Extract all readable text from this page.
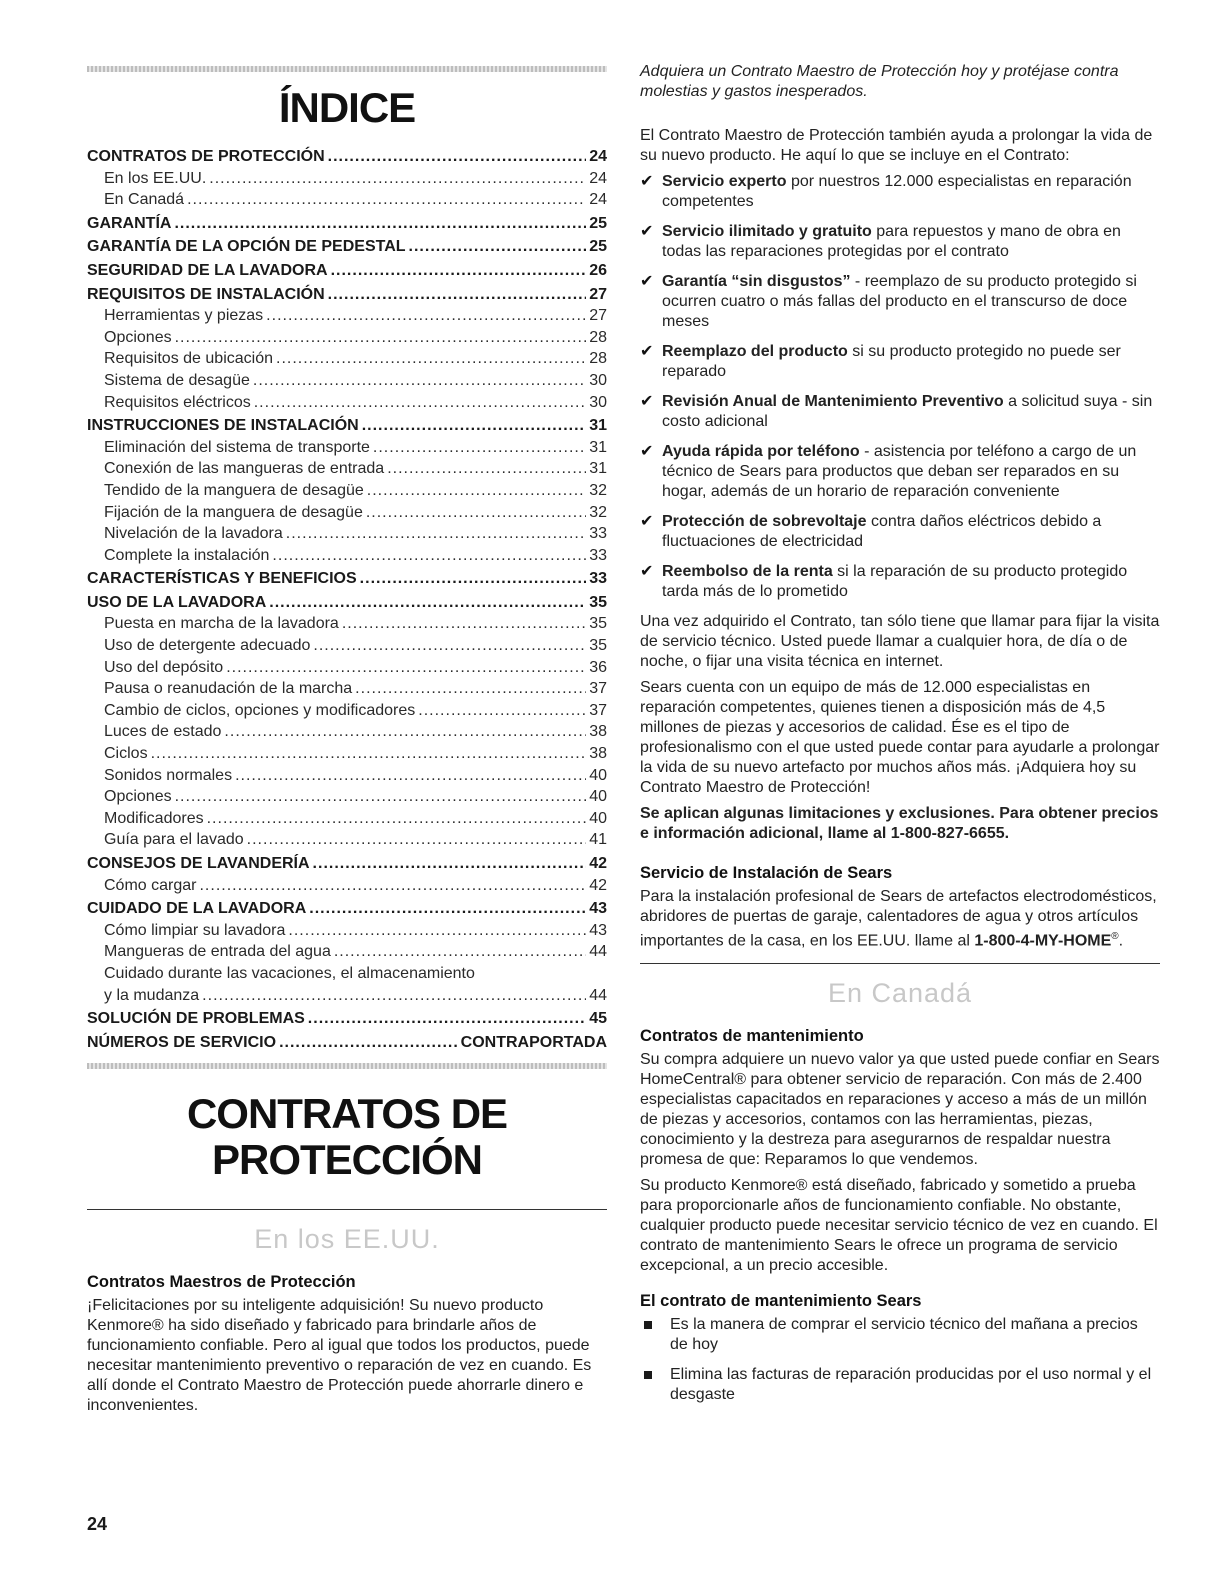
ÍNDICE
CONTRATOS DE PROTECCIÓN .....	24
En los EE.UU. .....	24
En Canadá .....	24
GARANTÍA .....	25
GARANTÍA DE LA OPCIÓN DE PEDESTAL .....	25
SEGURIDAD DE LA LAVADORA .....	26
REQUISITOS DE INSTALACIÓN .....	27
Herramientas y piezas .....	27
Opciones .....	28
Requisitos de ubicación .....	28
Sistema de desagüe .....	30
Requisitos eléctricos .....	30
INSTRUCCIONES DE INSTALACIÓN .....	31
Eliminación del sistema de transporte .....	31
Conexión de las mangueras de entrada .....	31
Tendido de la manguera de desagüe .....	32
Fijación de la manguera de desagüe .....	32
Nivelación de la lavadora .....	33
Complete la instalación .....	33
CARACTERÍSTICAS Y BENEFICIOS .....	33
USO DE LA LAVADORA .....	35
Puesta en marcha de la lavadora .....	35
Uso de detergente adecuado .....	35
Uso del depósito .....	36
Pausa o reanudación de la marcha .....	37
Cambio de ciclos, opciones y modificadores .....	37
Luces de estado .....	38
Ciclos .....	38
Sonidos normales .....	40
Opciones .....	40
Modificadores .....	40
Guía para el lavado .....	41
CONSEJOS DE LAVANDERÍA .....	42
Cómo cargar .....	42
CUIDADO DE LA LAVADORA .....	43
Cómo limpiar su lavadora .....	43
Mangueras de entrada del agua .....	44
Cuidado durante las vacaciones, el almacenamiento
y la mudanza .....	44
SOLUCIÓN DE PROBLEMAS .....	45
NÚMEROS DE SERVICIO .....	CONTRAPORTADA
CONTRATOS DE
PROTECCIÓN
En los EE.UU.
Contratos Maestros de Protección

¡Felicitaciones por su inteligente adquisición! Su nuevo producto Kenmore® ha sido diseñado y fabricado para brindarle años de funcionamiento confiable. Pero al igual que todos los productos, puede necesitar mantenimiento preventivo o reparación de vez en cuando. Es allí donde el Contrato Maestro de Protección puede ahorrarle dinero e inconvenientes.

Adquiera un Contrato Maestro de Protección hoy y protéjase contra molestias y gastos inesperados.

El Contrato Maestro de Protección también ayuda a prolongar la vida de su nuevo producto. He aquí lo que se incluye en el Contrato:

✔ Servicio experto por nuestros 12.000 especialistas en reparación competentes
✔ Servicio ilimitado y gratuito para repuestos y mano de obra en todas las reparaciones protegidas por el contrato
✔ Garantía “sin disgustos” - reemplazo de su producto protegido si ocurren cuatro o más fallas del producto en el transcurso de doce meses
✔ Reemplazo del producto si su producto protegido no puede ser reparado
✔ Revisión Anual de Mantenimiento Preventivo a solicitud suya - sin costo adicional
✔ Ayuda rápida por teléfono - asistencia por teléfono a cargo de un técnico de Sears para productos que deban ser reparados en su hogar, además de un horario de reparación conveniente
✔ Protección de sobrevoltaje contra daños eléctricos debido a fluctuaciones de electricidad
✔ Reembolso de la renta si la reparación de su producto protegido tarda más de lo prometido

Una vez adquirido el Contrato, tan sólo tiene que llamar para fijar la visita de servicio técnico. Usted puede llamar a cualquier hora, de día o de noche, o fijar una visita técnica en internet.

Sears cuenta con un equipo de más de 12.000 especialistas en reparación competentes, quienes tienen a disposición más de 4,5 millones de piezas y accesorios de calidad. Ése es el tipo de profesionalismo con el que usted puede contar para ayudarle a prolongar la vida de su nuevo artefacto por muchos años más. ¡Adquiera hoy su Contrato Maestro de Protección!

Se aplican algunas limitaciones y exclusiones. Para obtener precios e información adicional, llame al 1-800-827-6655.

Servicio de Instalación de Sears

Para la instalación profesional de Sears de artefactos electrodomésticos, abridores de puertas de garaje, calentadores de agua y otros artículos importantes de la casa, en los EE.UU. llame al 1-800-4-MY-HOME®.

En Canadá
Contratos de mantenimiento

Su compra adquiere un nuevo valor ya que usted puede confiar en Sears HomeCentral® para obtener servicio de reparación. Con más de 2.400 especialistas capacitados en reparaciones y acceso a más de un millón de piezas y accesorios, contamos con las herramientas, piezas, conocimiento y la destreza para asegurarnos de respaldar nuestra promesa de que: Reparamos lo que vendemos.

Su producto Kenmore® está diseñado, fabricado y sometido a prueba para proporcionarle años de funcionamiento confiable. No obstante, cualquier producto puede necesitar servicio técnico de vez en cuando. El contrato de mantenimiento Sears le ofrece un programa de servicio excepcional, a un precio accesible.

El contrato de mantenimiento Sears
Es la manera de comprar el servicio técnico del mañana a precios de hoy
Elimina las facturas de reparación producidas por el uso normal y el desgaste
24
